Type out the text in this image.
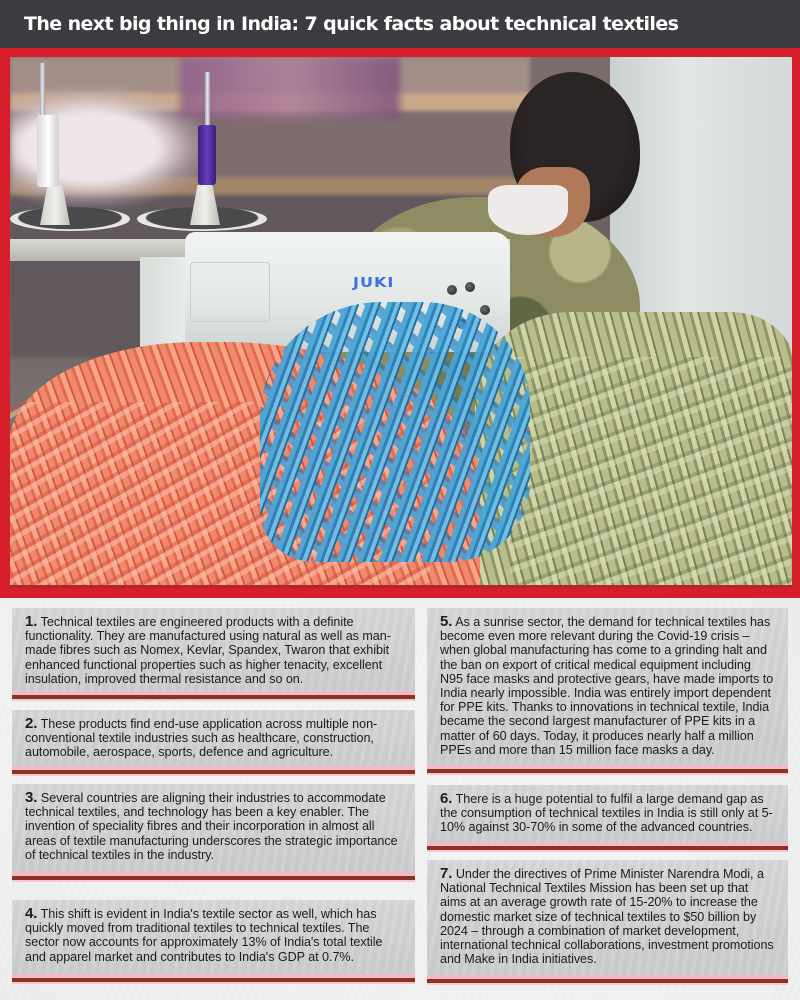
The next big thing in India: 7 quick facts about technical textiles
JUKI
1. Technical textiles are engineered products with a definite functionality. They are manufactured using natural as well as man-made fibres such as Nomex, Kevlar, Spandex, Twaron that exhibit enhanced functional properties such as higher tenacity, excellent insulation, improved thermal resistance and so on.
2. These products find end-use application across multiple non-conventional textile industries such as healthcare, construction, automobile, aerospace, sports, defence and agriculture.
3. Several countries are aligning their industries to accommodate technical textiles, and technology has been a key enabler. The invention of speciality fibres and their incorporation in almost all areas of textile manufacturing underscores the strategic importance of technical textiles in the industry.
4. This shift is evident in India's textile sector as well, which has quickly moved from traditional textiles to technical textiles. The sector now accounts for approximately 13% of India's total textile and apparel market and contributes to India's GDP at 0.7%.
5. As a sunrise sector, the demand for technical textiles has become even more relevant during the Covid-19 crisis – when global manufacturing has come to a grinding halt and the ban on export of critical medical equipment including N95 face masks and protective gears, have made imports to India nearly impossible. India was entirely import dependent for PPE kits. Thanks to innovations in technical textile, India became the second largest manufacturer of PPE kits in a matter of 60 days. Today, it produces nearly half a million PPEs and more than 15 million face masks a day.
6. There is a huge potential to fulfil a large demand gap as the consumption of technical textiles in India is still only at 5-10% against 30-70% in some of the advanced countries.
7. Under the directives of Prime Minister Narendra Modi, a National Technical Textiles Mission has been set up that aims at an average growth rate of 15-20% to increase the domestic market size of technical textiles to $50 billion by 2024 – through a combination of market development, international technical collaborations, investment promotions and Make in India initiatives.
